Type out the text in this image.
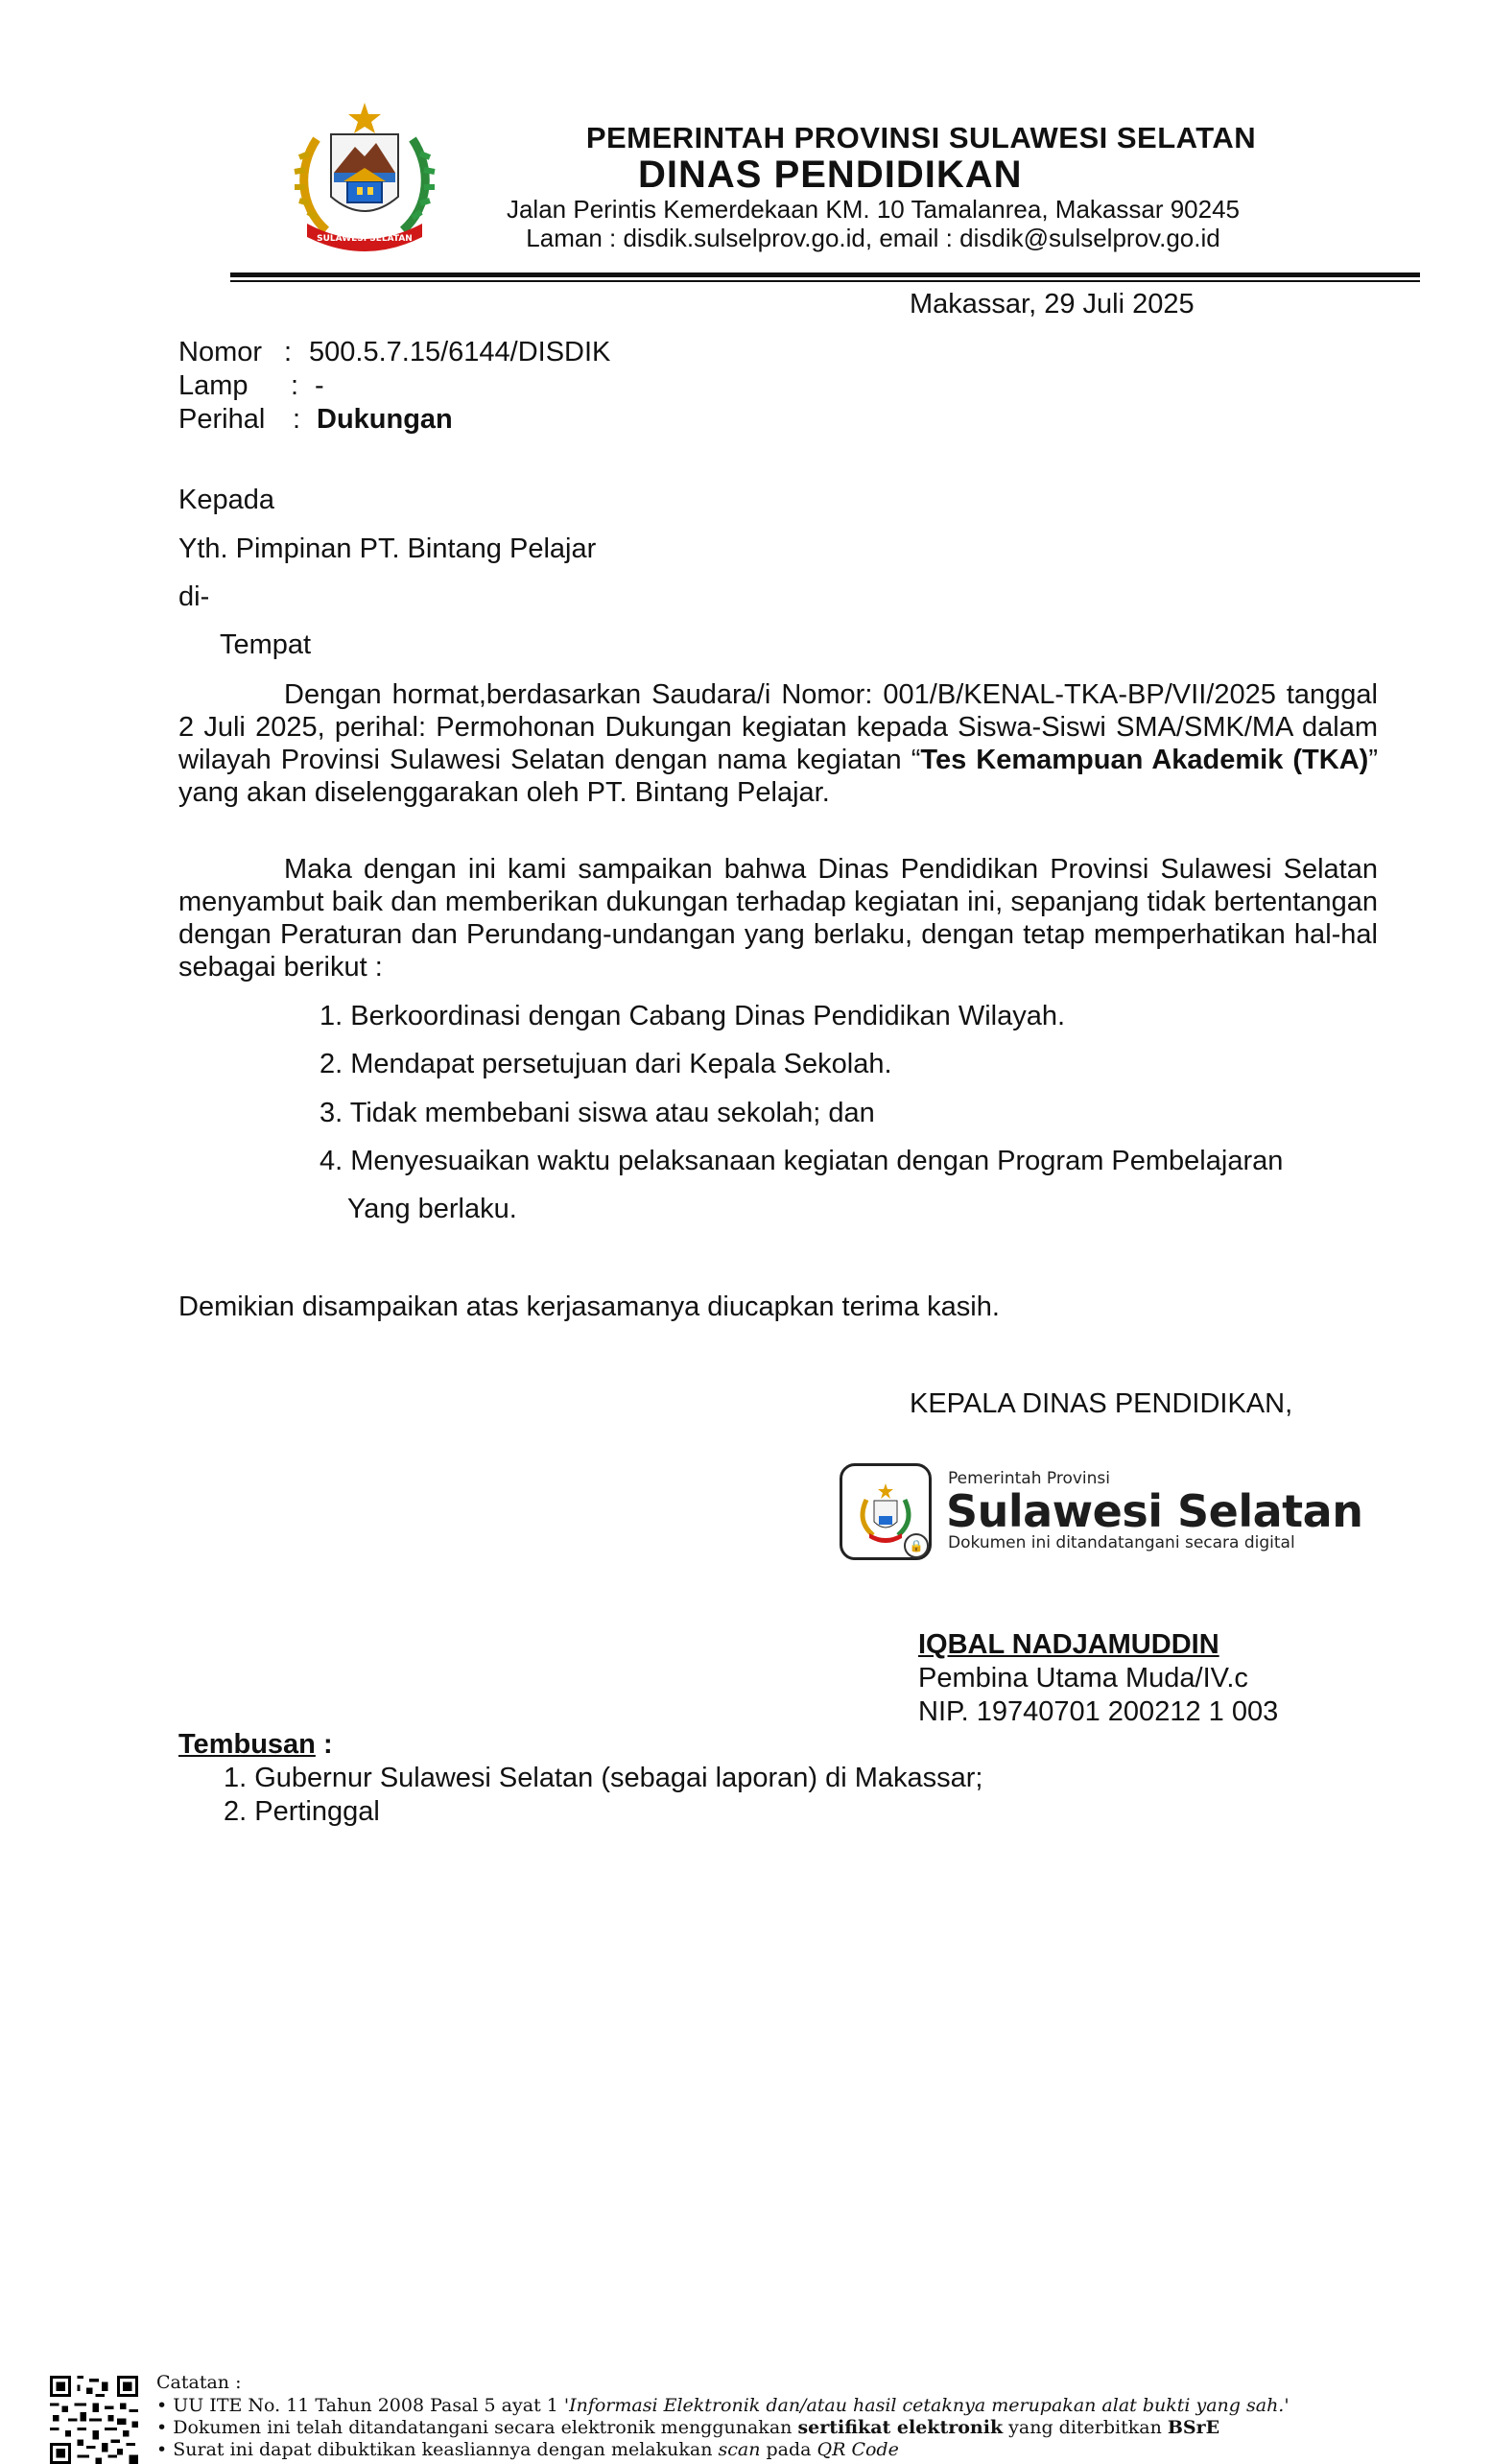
SULAWESI SELATAN
PEMERINTAH PROVINSI SULAWESI SELATAN
DINAS PENDIDIKAN
Jalan Perintis Kemerdekaan KM. 10 Tamalanrea, Makassar 90245
Laman : disdik.sulselprov.go.id, email : disdik@sulselprov.go.id
Makassar, 29 Juli 2025
Nomor : 500.5.7.15/6144/DISDIK
Lamp : -
Perihal : Dukungan
Kepada
Yth. Pimpinan PT. Bintang Pelajar
di-
Tempat
Dengan hormat,berdasarkan Saudara/i Nomor: 001/B/KENAL-TKA-BP/VII/2025 tanggal 2 Juli 2025, perihal: Permohonan Dukungan kegiatan kepada Siswa-Siswi SMA/SMK/MA dalam wilayah Provinsi Sulawesi Selatan dengan nama kegiatan “Tes Kemampuan Akademik (TKA)” yang akan diselenggarakan oleh PT. Bintang Pelajar.
Maka dengan ini kami sampaikan bahwa Dinas Pendidikan Provinsi Sulawesi Selatan menyambut baik dan memberikan dukungan terhadap kegiatan ini, sepanjang tidak bertentangan dengan Peraturan dan Perundang-undangan yang berlaku, dengan tetap memperhatikan hal-hal sebagai berikut :
1. Berkoordinasi dengan Cabang Dinas Pendidikan Wilayah.
2. Mendapat persetujuan dari Kepala Sekolah.
3. Tidak membebani siswa atau sekolah; dan
4. Menyesuaikan waktu pelaksanaan kegiatan dengan Program Pembelajaran
Yang berlaku.
Demikian disampaikan atas kerjasamanya diucapkan terima kasih.
KEPALA DINAS PENDIDIKAN,
🔒
Pemerintah Provinsi
Sulawesi Selatan
Dokumen ini ditandatangani secara digital
IQBAL NADJAMUDDIN
Pembina Utama Muda/IV.c
NIP. 19740701 200212 1 003
Tembusan :
1. Gubernur Sulawesi Selatan (sebagai laporan) di Makassar;
2. Pertinggal
Catatan :
• UU ITE No. 11 Tahun 2008 Pasal 5 ayat 1 'Informasi Elektronik dan/atau hasil cetaknya merupakan alat bukti yang sah.'
• Dokumen ini telah ditandatangani secara elektronik menggunakan sertifikat elektronik yang diterbitkan BSrE
• Surat ini dapat dibuktikan keasliannya dengan melakukan scan pada QR Code
